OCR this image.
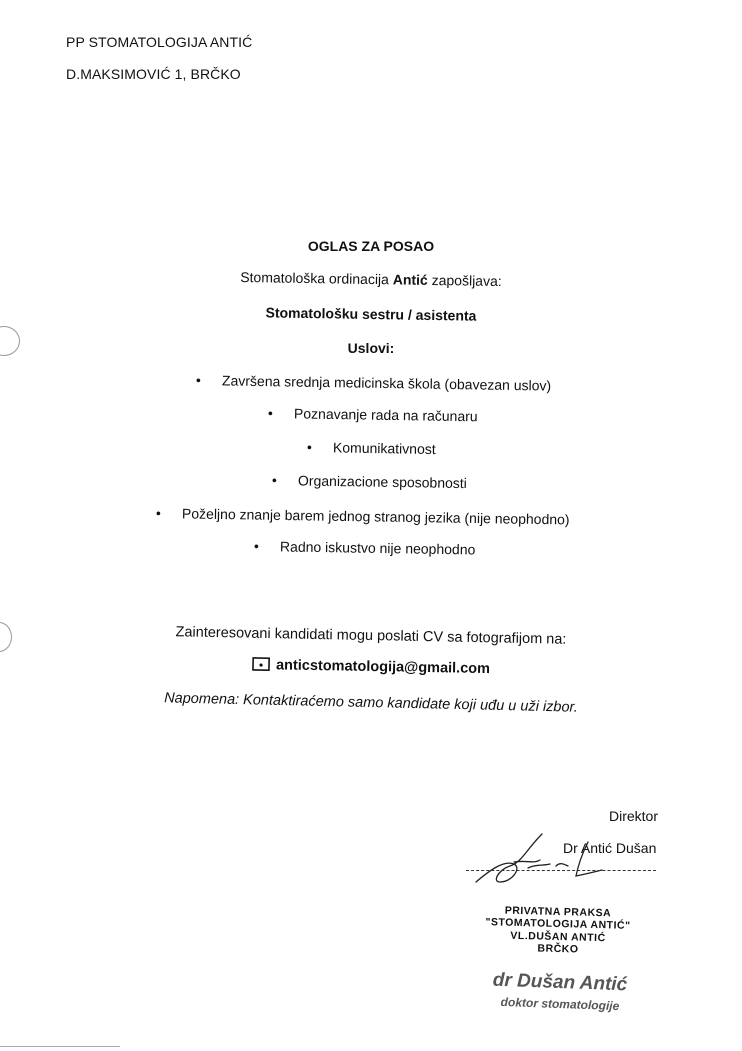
PP STOMATOLOGIJA ANTIĆ
D.MAKSIMOVIĆ 1, BRČKO
OGLAS ZA POSAO
Stomatološka ordinacija Antić zapošljava:
Stomatološku sestru / asistenta
Uslovi:
• Završena srednja medicinska škola (obavezan uslov)
• Poznavanje rada na računaru
• Komunikativnost
• Organizacione sposobnosti
• Poželjno znanje barem jednog stranog jezika (nije neophodno)
• Radno iskustvo nije neophodno
Zainteresovani kandidati mogu poslati CV sa fotografijom na:
anticstomatologija@gmail.com
Napomena: Kontaktiraćemo samo kandidate koji uđu u uži izbor.
Direktor
Dr Antić Dušan
PRIVATNA PRAKSA
"STOMATOLOGIJA ANTIĆ"
VL.DUŠAN ANTIĆ
BRČKO
dr Dušan Antić
doktor stomatologije
